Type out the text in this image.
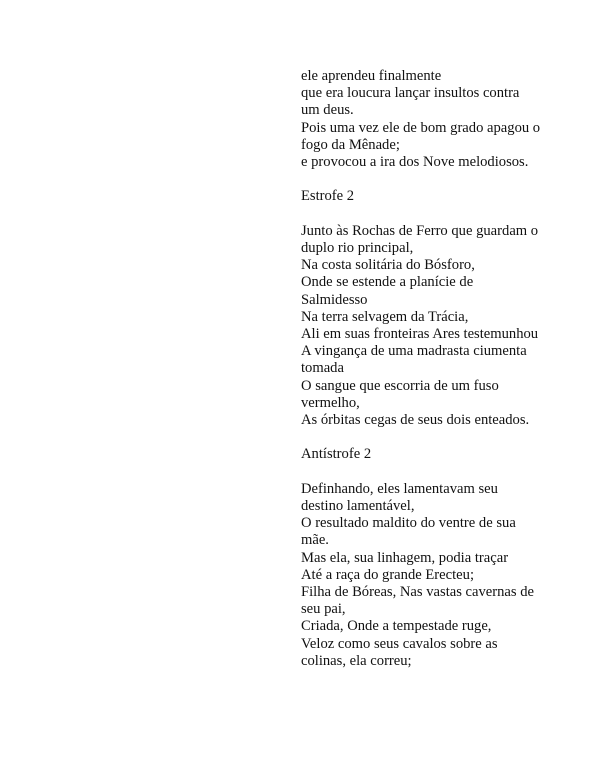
ele aprendeu finalmente
que era loucura lançar insultos contra um deus.
Pois uma vez ele de bom grado apagou o fogo da Mênade;
e provocou a ira dos Nove melodiosos.
Estrofe 2
Junto às Rochas de Ferro que guardam o duplo rio principal,
Na costa solitária do Bósforo,
Onde se estende a planície de Salmidesso
Na terra selvagem da Trácia,
Ali em suas fronteiras Ares testemunhou
A vingança de uma madrasta ciumenta tomada
O sangue que escorria de um fuso vermelho,
As órbitas cegas de seus dois enteados.
Antístrofe 2
Definhando, eles lamentavam seu destino lamentável,
O resultado maldito do ventre de sua mãe.
Mas ela, sua linhagem, podia traçar
Até a raça do grande Erecteu;
Filha de Bóreas, Nas vastas cavernas de seu pai,
Criada, Onde a tempestade ruge,
Veloz como seus cavalos sobre as colinas, ela correu;
